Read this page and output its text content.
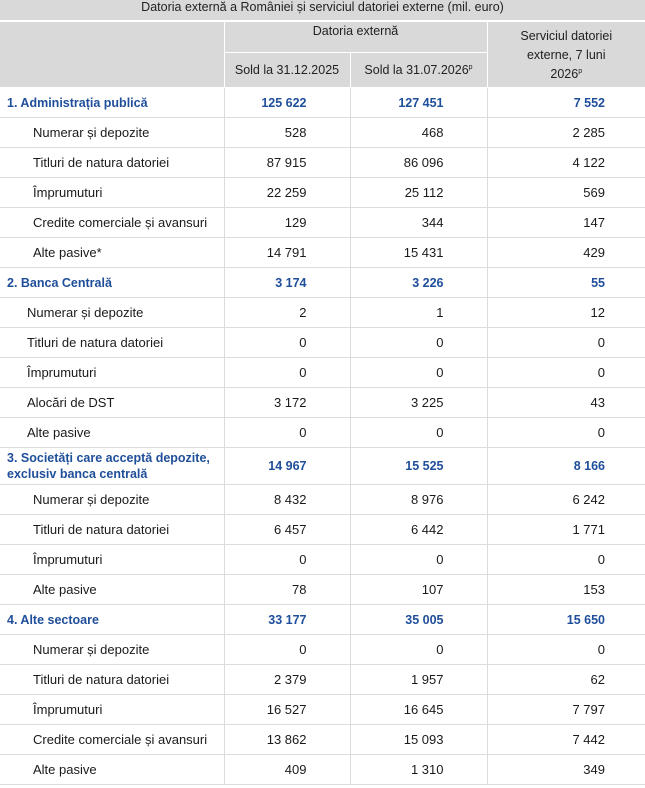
Datoria externă a României și serviciul datoriei externe (mil. euro)
	Datoria externă		Serviciul datoriei
externe, 7 luni
2026$^p$
	Sold la 31.12.2025	Sold la 31.07.2026$^p$
1. Administrația publică	125 622	127 451	7 552
Numerar și depozite	528	468	2 285
Titluri de natura datoriei	87 915	86 096	4 122
Împrumuturi	22 259	25 112	569
Credite comerciale și avansuri	129	344	147
Alte pasive*	14 791	15 431	429
2. Banca Centrală	3 174	3 226	55
Numerar și depozite	2	1	12
Titluri de natura datoriei	0	0	0
Împrumuturi	0	0	0
Alocări de DST	3 172	3 225	43
Alte pasive	0	0	0
3. Societăți care acceptă depozite, exclusiv banca centrală	14 967	15 525	8 166
Numerar și depozite	8 432	8 976	6 242
Titluri de natura datoriei	6 457	6 442	1 771
Împrumuturi	0	0	0
Alte pasive	78	107	153
4. Alte sectoare	33 177	35 005	15 650
Numerar și depozite	0	0	0
Titluri de natura datoriei	2 379	1 957	62
Împrumuturi	16 527	16 645	7 797
Credite comerciale și avansuri	13 862	15 093	7 442
Alte pasive	409	1 310	349
